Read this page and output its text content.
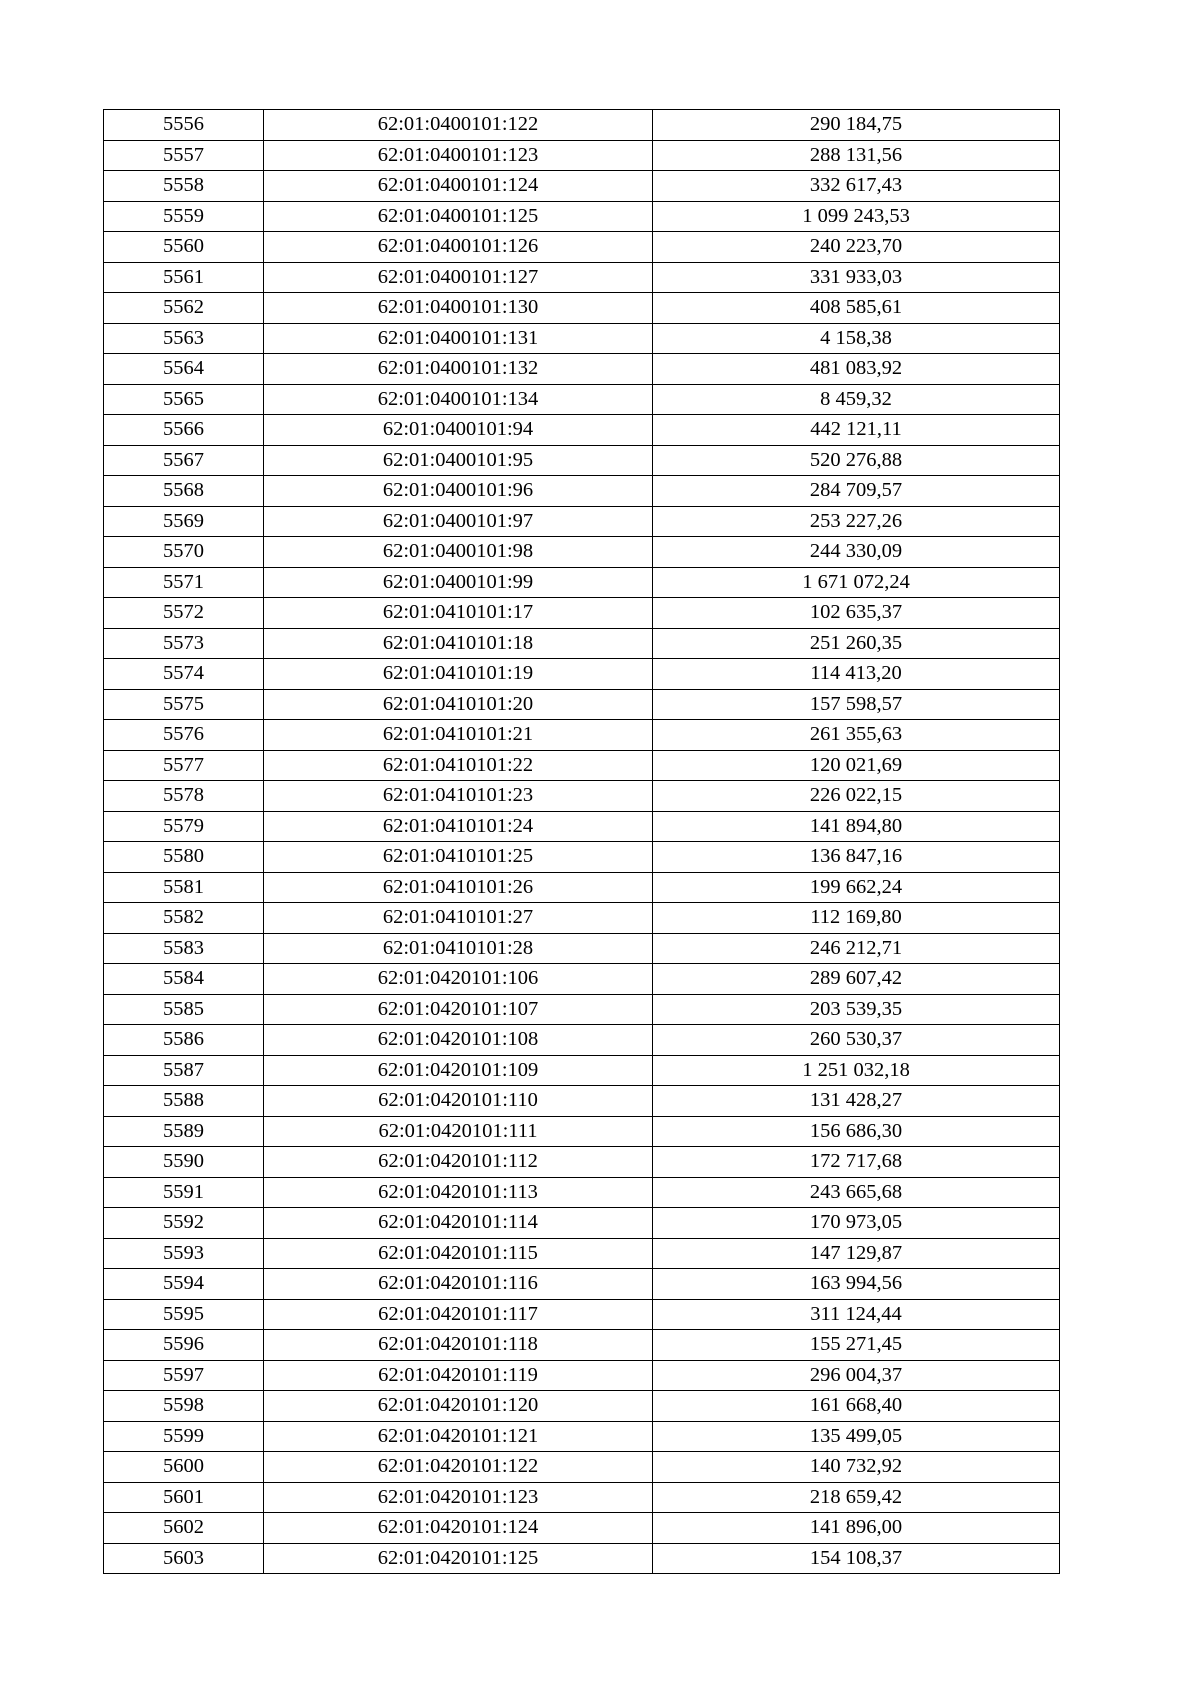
5556	62:01:0400101:122	290 184,75
5557	62:01:0400101:123	288 131,56
5558	62:01:0400101:124	332 617,43
5559	62:01:0400101:125	1 099 243,53
5560	62:01:0400101:126	240 223,70
5561	62:01:0400101:127	331 933,03
5562	62:01:0400101:130	408 585,61
5563	62:01:0400101:131	4 158,38
5564	62:01:0400101:132	481 083,92
5565	62:01:0400101:134	8 459,32
5566	62:01:0400101:94	442 121,11
5567	62:01:0400101:95	520 276,88
5568	62:01:0400101:96	284 709,57
5569	62:01:0400101:97	253 227,26
5570	62:01:0400101:98	244 330,09
5571	62:01:0400101:99	1 671 072,24
5572	62:01:0410101:17	102 635,37
5573	62:01:0410101:18	251 260,35
5574	62:01:0410101:19	114 413,20
5575	62:01:0410101:20	157 598,57
5576	62:01:0410101:21	261 355,63
5577	62:01:0410101:22	120 021,69
5578	62:01:0410101:23	226 022,15
5579	62:01:0410101:24	141 894,80
5580	62:01:0410101:25	136 847,16
5581	62:01:0410101:26	199 662,24
5582	62:01:0410101:27	112 169,80
5583	62:01:0410101:28	246 212,71
5584	62:01:0420101:106	289 607,42
5585	62:01:0420101:107	203 539,35
5586	62:01:0420101:108	260 530,37
5587	62:01:0420101:109	1 251 032,18
5588	62:01:0420101:110	131 428,27
5589	62:01:0420101:111	156 686,30
5590	62:01:0420101:112	172 717,68
5591	62:01:0420101:113	243 665,68
5592	62:01:0420101:114	170 973,05
5593	62:01:0420101:115	147 129,87
5594	62:01:0420101:116	163 994,56
5595	62:01:0420101:117	311 124,44
5596	62:01:0420101:118	155 271,45
5597	62:01:0420101:119	296 004,37
5598	62:01:0420101:120	161 668,40
5599	62:01:0420101:121	135 499,05
5600	62:01:0420101:122	140 732,92
5601	62:01:0420101:123	218 659,42
5602	62:01:0420101:124	141 896,00
5603	62:01:0420101:125	154 108,37
